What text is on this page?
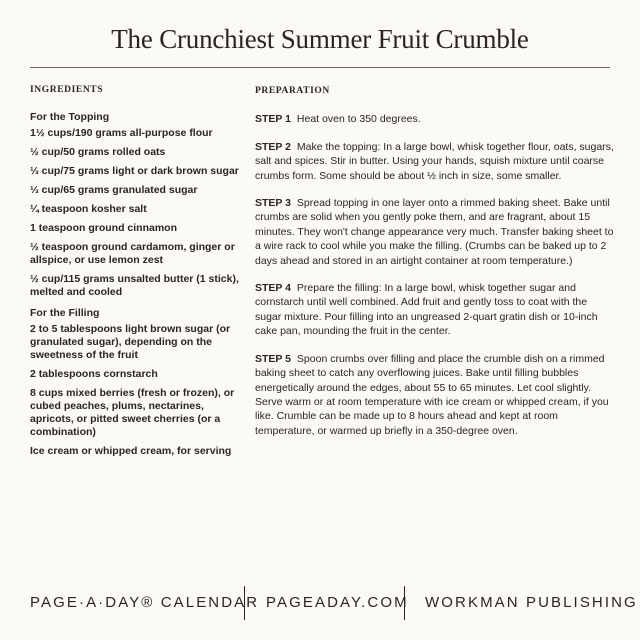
The Crunchiest Summer Fruit Crumble
INGREDIENTS
For the Topping
1½ cups/190 grams all-purpose flour
½ cup/50 grams rolled oats
⅓ cup/75 grams light or dark brown sugar
⅓ cup/65 grams granulated sugar
¼ teaspoon kosher salt
1 teaspoon ground cinnamon
½ teaspoon ground cardamom, ginger or allspice, or use lemon zest
½ cup/115 grams unsalted butter (1 stick), melted and cooled
For the Filling
2 to 5 tablespoons light brown sugar (or granulated sugar), depending on the sweetness of the fruit
2 tablespoons cornstarch
8 cups mixed berries (fresh or frozen), or cubed peaches, plums, nectarines, apricots, or pitted sweet cherries (or a combination)
Ice cream or whipped cream, for serving
PREPARATION
STEP 1 Heat oven to 350 degrees.
STEP 2 Make the topping: In a large bowl, whisk together flour, oats, sugars, salt and spices. Stir in butter. Using your hands, squish mixture until coarse crumbs form. Some should be about ½ inch in size, some smaller.
STEP 3 Spread topping in one layer onto a rimmed baking sheet. Bake until crumbs are solid when you gently poke them, and are fragrant, about 15 minutes. They won't change appearance very much. Transfer baking sheet to a wire rack to cool while you make the filling. (Crumbs can be baked up to 2 days ahead and stored in an airtight container at room temperature.)
STEP 4 Prepare the filling: In a large bowl, whisk together sugar and cornstarch until well combined. Add fruit and gently toss to coat with the sugar mixture. Pour filling into an ungreased 2-quart gratin dish or 10-inch cake pan, mounding the fruit in the center.
STEP 5 Spoon crumbs over filling and place the crumble dish on a rimmed baking sheet to catch any overflowing juices. Bake until filling bubbles energetically around the edges, about 55 to 65 minutes. Let cool slightly. Serve warm or at room temperature with ice cream or whipped cream, if you like. Crumble can be made up to 8 hours ahead and kept at room temperature, or warmed up briefly in a 350-degree oven.
PAGE·A·DAY® CALENDAR PAGEADAY.COM WORKMAN PUBLISHING
